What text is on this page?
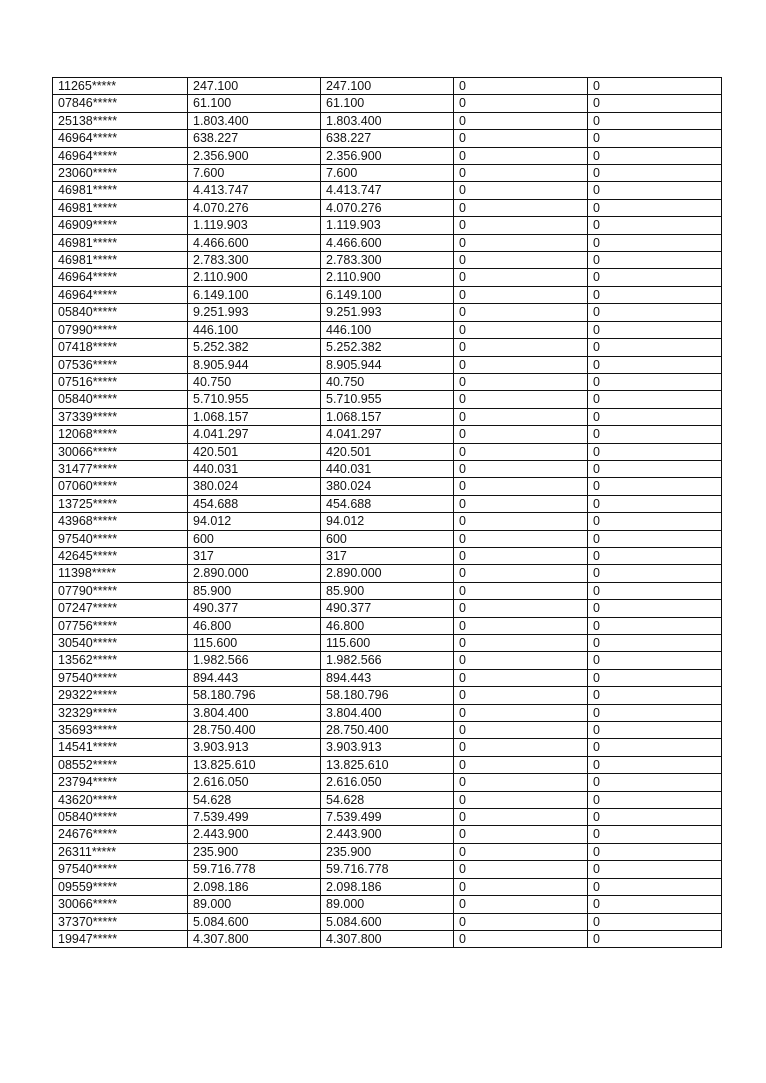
11265*****	247.100	247.100	0	0
07846*****	61.100	61.100	0	0
25138*****	1.803.400	1.803.400	0	0
46964*****	638.227	638.227	0	0
46964*****	2.356.900	2.356.900	0	0
23060*****	7.600	7.600	0	0
46981*****	4.413.747	4.413.747	0	0
46981*****	4.070.276	4.070.276	0	0
46909*****	1.119.903	1.119.903	0	0
46981*****	4.466.600	4.466.600	0	0
46981*****	2.783.300	2.783.300	0	0
46964*****	2.110.900	2.110.900	0	0
46964*****	6.149.100	6.149.100	0	0
05840*****	9.251.993	9.251.993	0	0
07990*****	446.100	446.100	0	0
07418*****	5.252.382	5.252.382	0	0
07536*****	8.905.944	8.905.944	0	0
07516*****	40.750	40.750	0	0
05840*****	5.710.955	5.710.955	0	0
37339*****	1.068.157	1.068.157	0	0
12068*****	4.041.297	4.041.297	0	0
30066*****	420.501	420.501	0	0
31477*****	440.031	440.031	0	0
07060*****	380.024	380.024	0	0
13725*****	454.688	454.688	0	0
43968*****	94.012	94.012	0	0
97540*****	600	600	0	0
42645*****	317	317	0	0
11398*****	2.890.000	2.890.000	0	0
07790*****	85.900	85.900	0	0
07247*****	490.377	490.377	0	0
07756*****	46.800	46.800	0	0
30540*****	115.600	115.600	0	0
13562*****	1.982.566	1.982.566	0	0
97540*****	894.443	894.443	0	0
29322*****	58.180.796	58.180.796	0	0
32329*****	3.804.400	3.804.400	0	0
35693*****	28.750.400	28.750.400	0	0
14541*****	3.903.913	3.903.913	0	0
08552*****	13.825.610	13.825.610	0	0
23794*****	2.616.050	2.616.050	0	0
43620*****	54.628	54.628	0	0
05840*****	7.539.499	7.539.499	0	0
24676*****	2.443.900	2.443.900	0	0
26311*****	235.900	235.900	0	0
97540*****	59.716.778	59.716.778	0	0
09559*****	2.098.186	2.098.186	0	0
30066*****	89.000	89.000	0	0
37370*****	5.084.600	5.084.600	0	0
19947*****	4.307.800	4.307.800	0	0
